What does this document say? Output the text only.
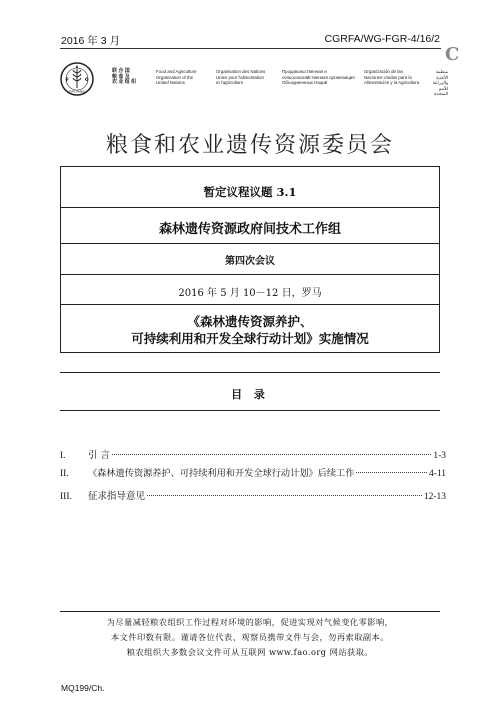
2016 年 3 月	CGRFA/WG-FGR-4/16/2
C
FIAT PANIS
F	O
A
联 合 国
粮 食 及
农 业 组 织
Food and Agriculture
Organization of the
United Nations
Organisation des Nations
Unies pour l'alimentation
et l'agriculture
Продовольственная и
сельскохозяйственная организация
Объединенных Наций
Organización de las
Naciones Unidas para la
Alimentación y la Agricultura
منظمة
الأغذية والزراعة
للأمم المتحدة
粮食和农业遗传资源委员会
暂定议程议题 3.1
森林遗传资源政府间技术工作组
第四次会议
2016 年 5 月 10－12 日，罗马
《森林遗传资源养护、
可持续利用和开发全球行动计划》实施情况
目 录
I.	引 言	1-3
II.	《森林遗传资源养护、可持续利用和开发全球行动计划》后续工作	4-11
III.	征求指导意见	12-13
为尽量减轻粮农组织工作过程对环境的影响，促进实现对气候变化零影响，
本文件印数有限。谨请各位代表、观察员携带文件与会，勿再索取副本。
粮农组织大多数会议文件可从互联网 www.fao.org 网站获取。
MQ199/Ch.
